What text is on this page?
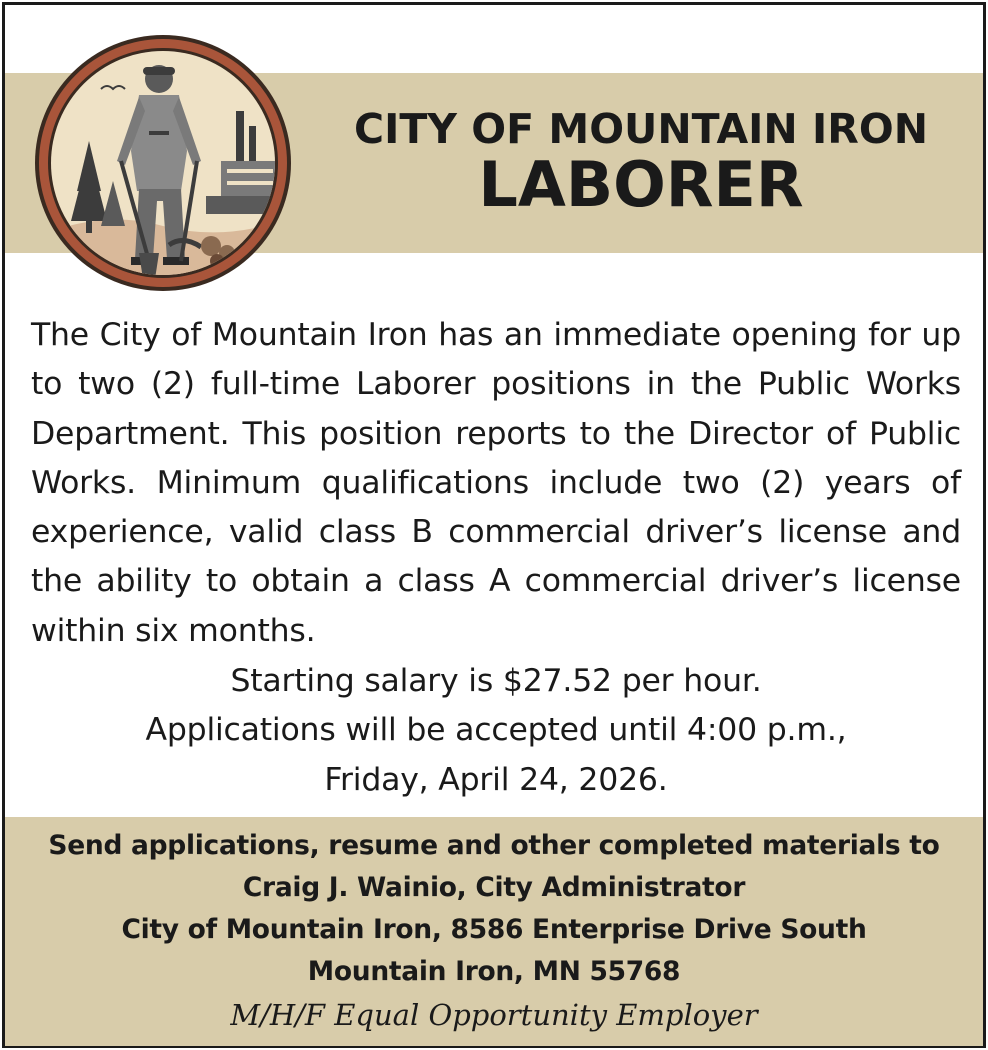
CITY OF MOUNTAIN IRON
LABORER
The City of Mountain Iron has an immediate opening for up to two (2) full-time Laborer positions in the Public Works Department. This position reports to the Director of Public Works. Minimum qualifications include two (2) years of experience, valid class B commercial driver’s license and the ability to obtain a class A commercial driver’s license within six months.
Starting salary is $27.52 per hour.
Applications will be accepted until 4:00 p.m.,
Friday, April 24, 2026.
Send applications, resume and other completed materials to
Craig J. Wainio, City Administrator
City of Mountain Iron, 8586 Enterprise Drive South
Mountain Iron, MN 55768
M/H/F Equal Opportunity Employer
